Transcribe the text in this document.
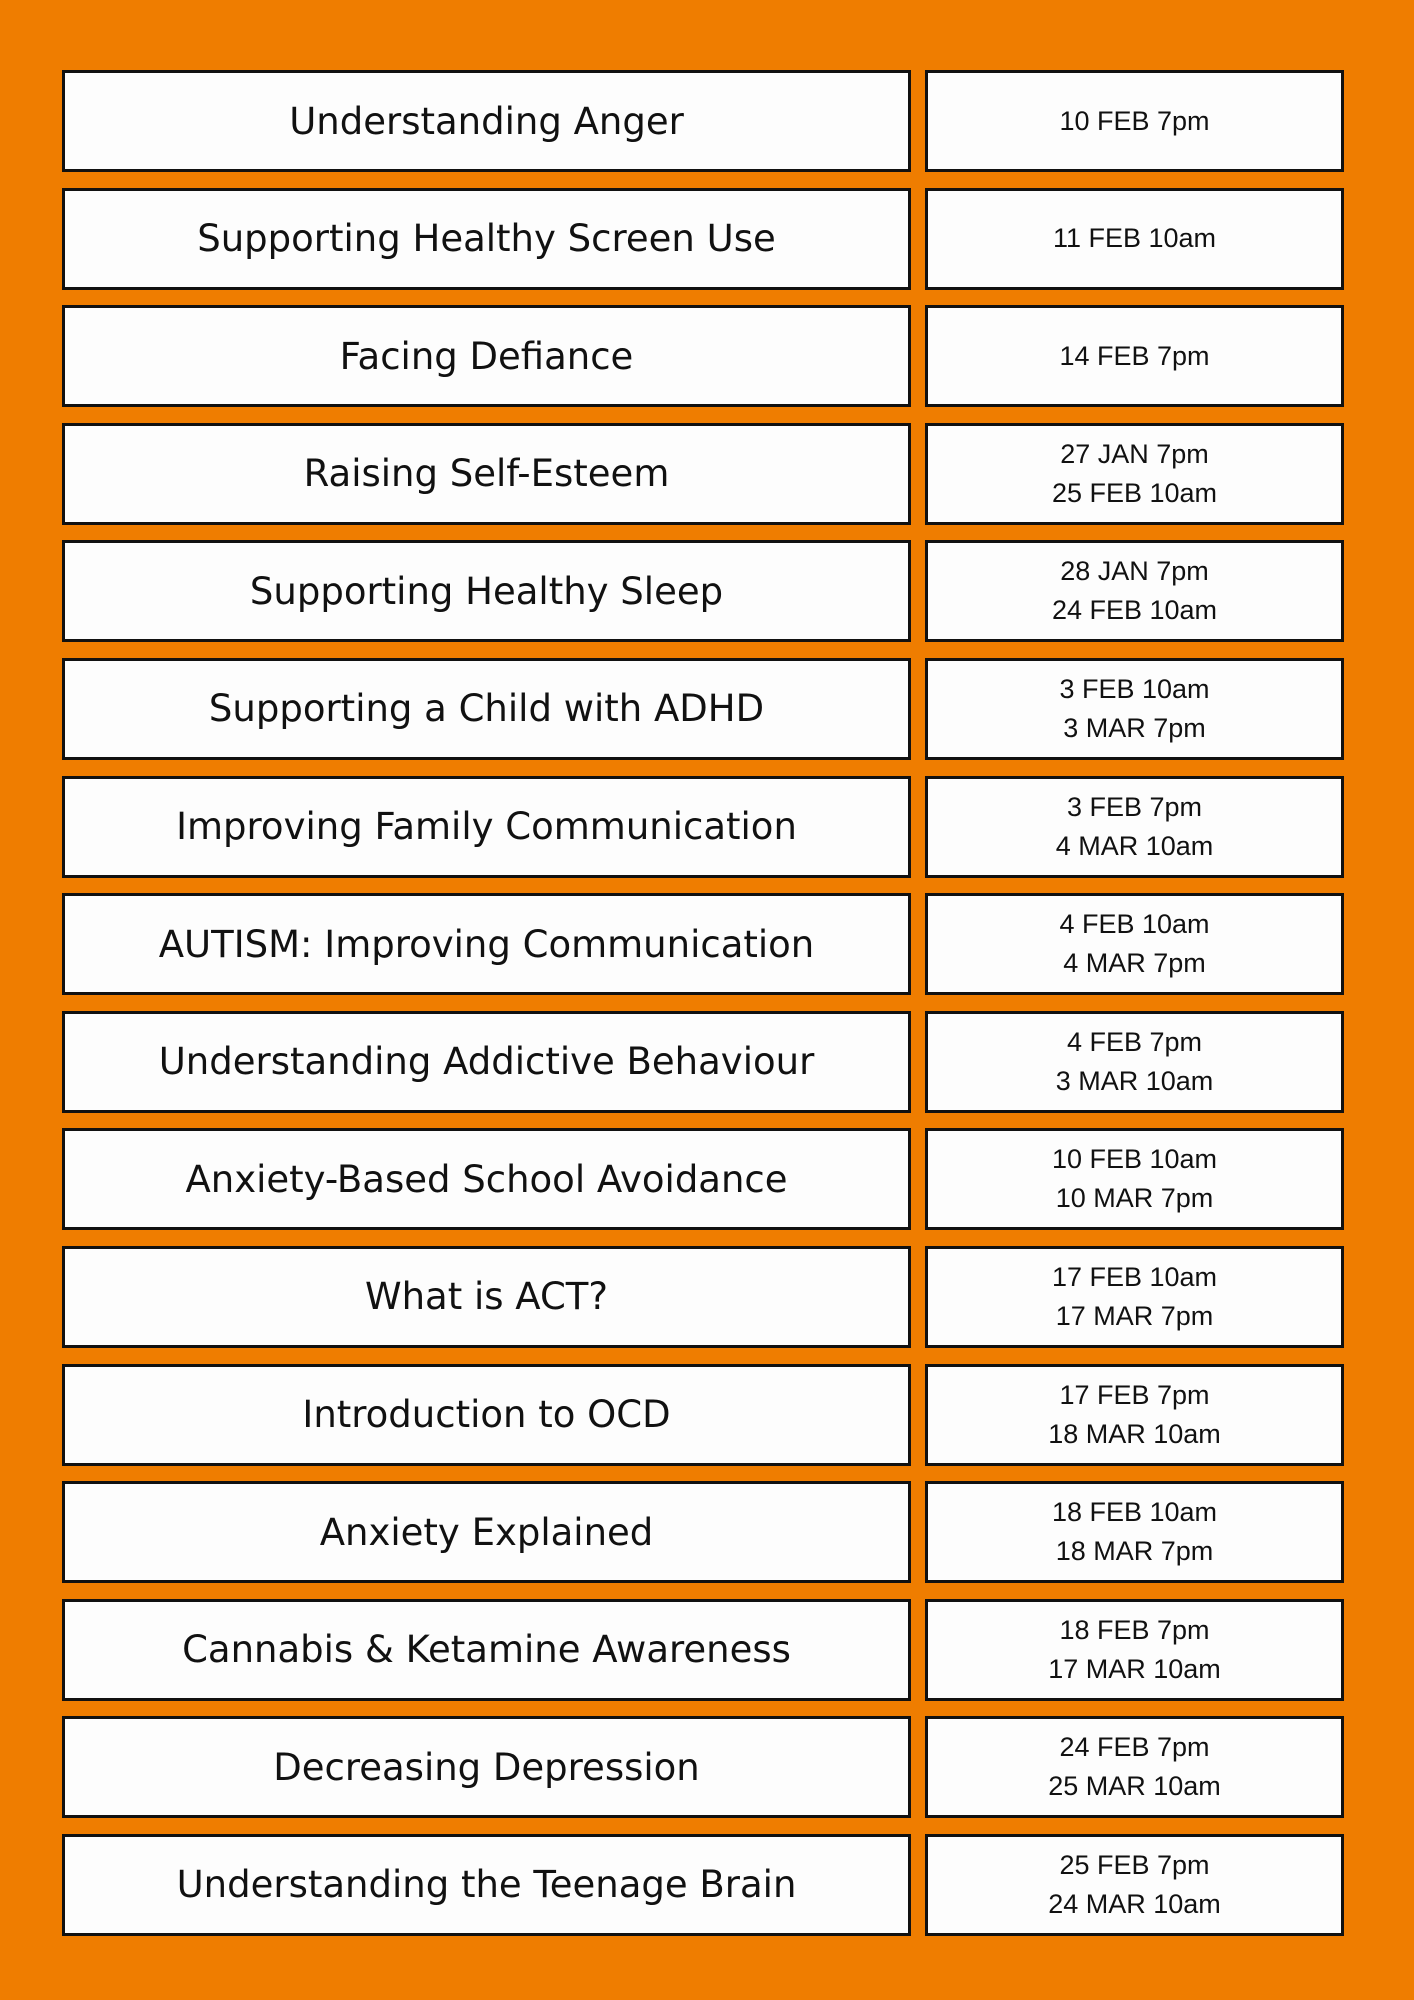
Understanding Anger	10 FEB 7pm
Supporting Healthy Screen Use	11 FEB 10am
Facing Defiance	14 FEB 7pm
Raising Self-Esteem	27 JAN 7pm
25 FEB 10am
Supporting Healthy Sleep	28 JAN 7pm
24 FEB 10am
Supporting a Child with ADHD	3 FEB 10am
3 MAR 7pm
Improving Family Communication	3 FEB 7pm
4 MAR 10am
AUTISM: Improving Communication	4 FEB 10am
4 MAR 7pm
Understanding Addictive Behaviour	4 FEB 7pm
3 MAR 10am
Anxiety-Based School Avoidance	10 FEB 10am
10 MAR 7pm
What is ACT?	17 FEB 10am
17 MAR 7pm
Introduction to OCD	17 FEB 7pm
18 MAR 10am
Anxiety Explained	18 FEB 10am
18 MAR 7pm
Cannabis & Ketamine Awareness	18 FEB 7pm
17 MAR 10am
Decreasing Depression	24 FEB 7pm
25 MAR 10am
Understanding the Teenage Brain	25 FEB 7pm
24 MAR 10am
